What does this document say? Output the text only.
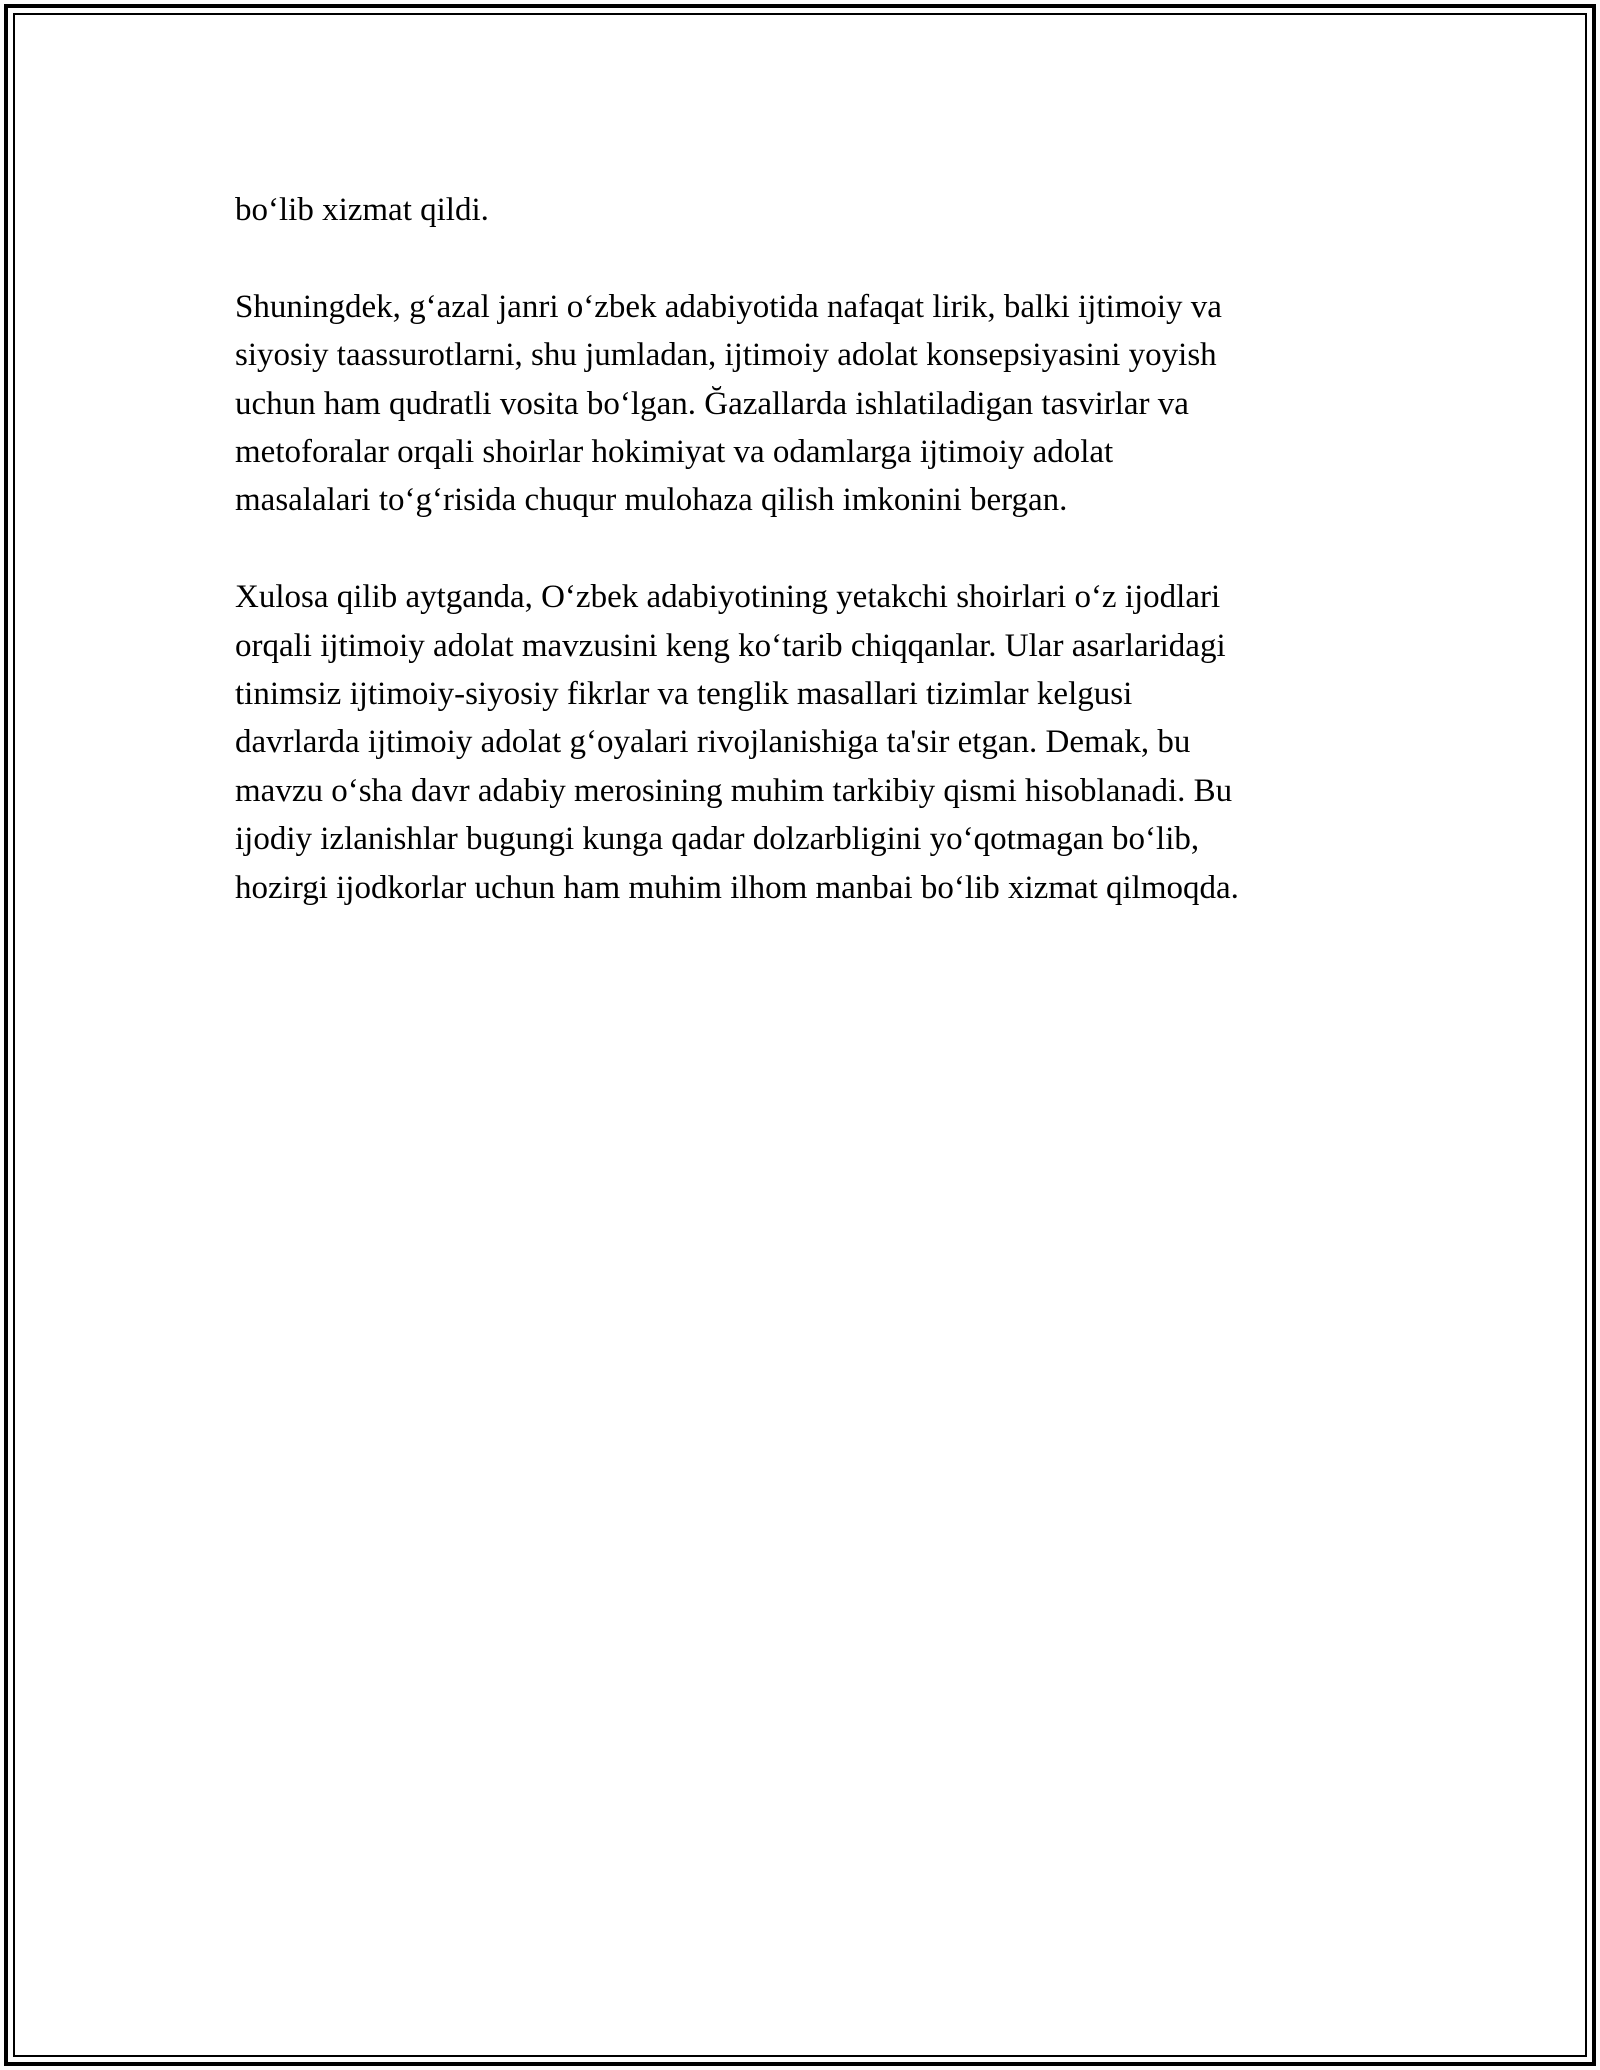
bo‘lib xizmat qildi.

Shuningdek, g‘azal janri o‘zbek adabiyotida nafaqat lirik, balki ijtimoiy va
siyosiy taassurotlarni, shu jumladan, ijtimoiy adolat konsepsiyasini yoyish
uchun ham qudratli vosita bo‘lgan. Ğazallarda ishlatiladigan tasvirlar va
metoforalar orqali shoirlar hokimiyat va odamlarga ijtimoiy adolat
masalalari to‘g‘risida chuqur mulohaza qilish imkonini bergan.

Xulosa qilib aytganda, O‘zbek adabiyotining yetakchi shoirlari o‘z ijodlari
orqali ijtimoiy adolat mavzusini keng ko‘tarib chiqqanlar. Ular asarlaridagi
tinimsiz ijtimoiy-siyosiy fikrlar va tenglik masallari tizimlar kelgusi
davrlarda ijtimoiy adolat g‘oyalari rivojlanishiga ta'sir etgan. Demak, bu
mavzu o‘sha davr adabiy merosining muhim tarkibiy qismi hisoblanadi. Bu
ijodiy izlanishlar bugungi kunga qadar dolzarbligini yo‘qotmagan bo‘lib,
hozirgi ijodkorlar uchun ham muhim ilhom manbai bo‘lib xizmat qilmoqda.
